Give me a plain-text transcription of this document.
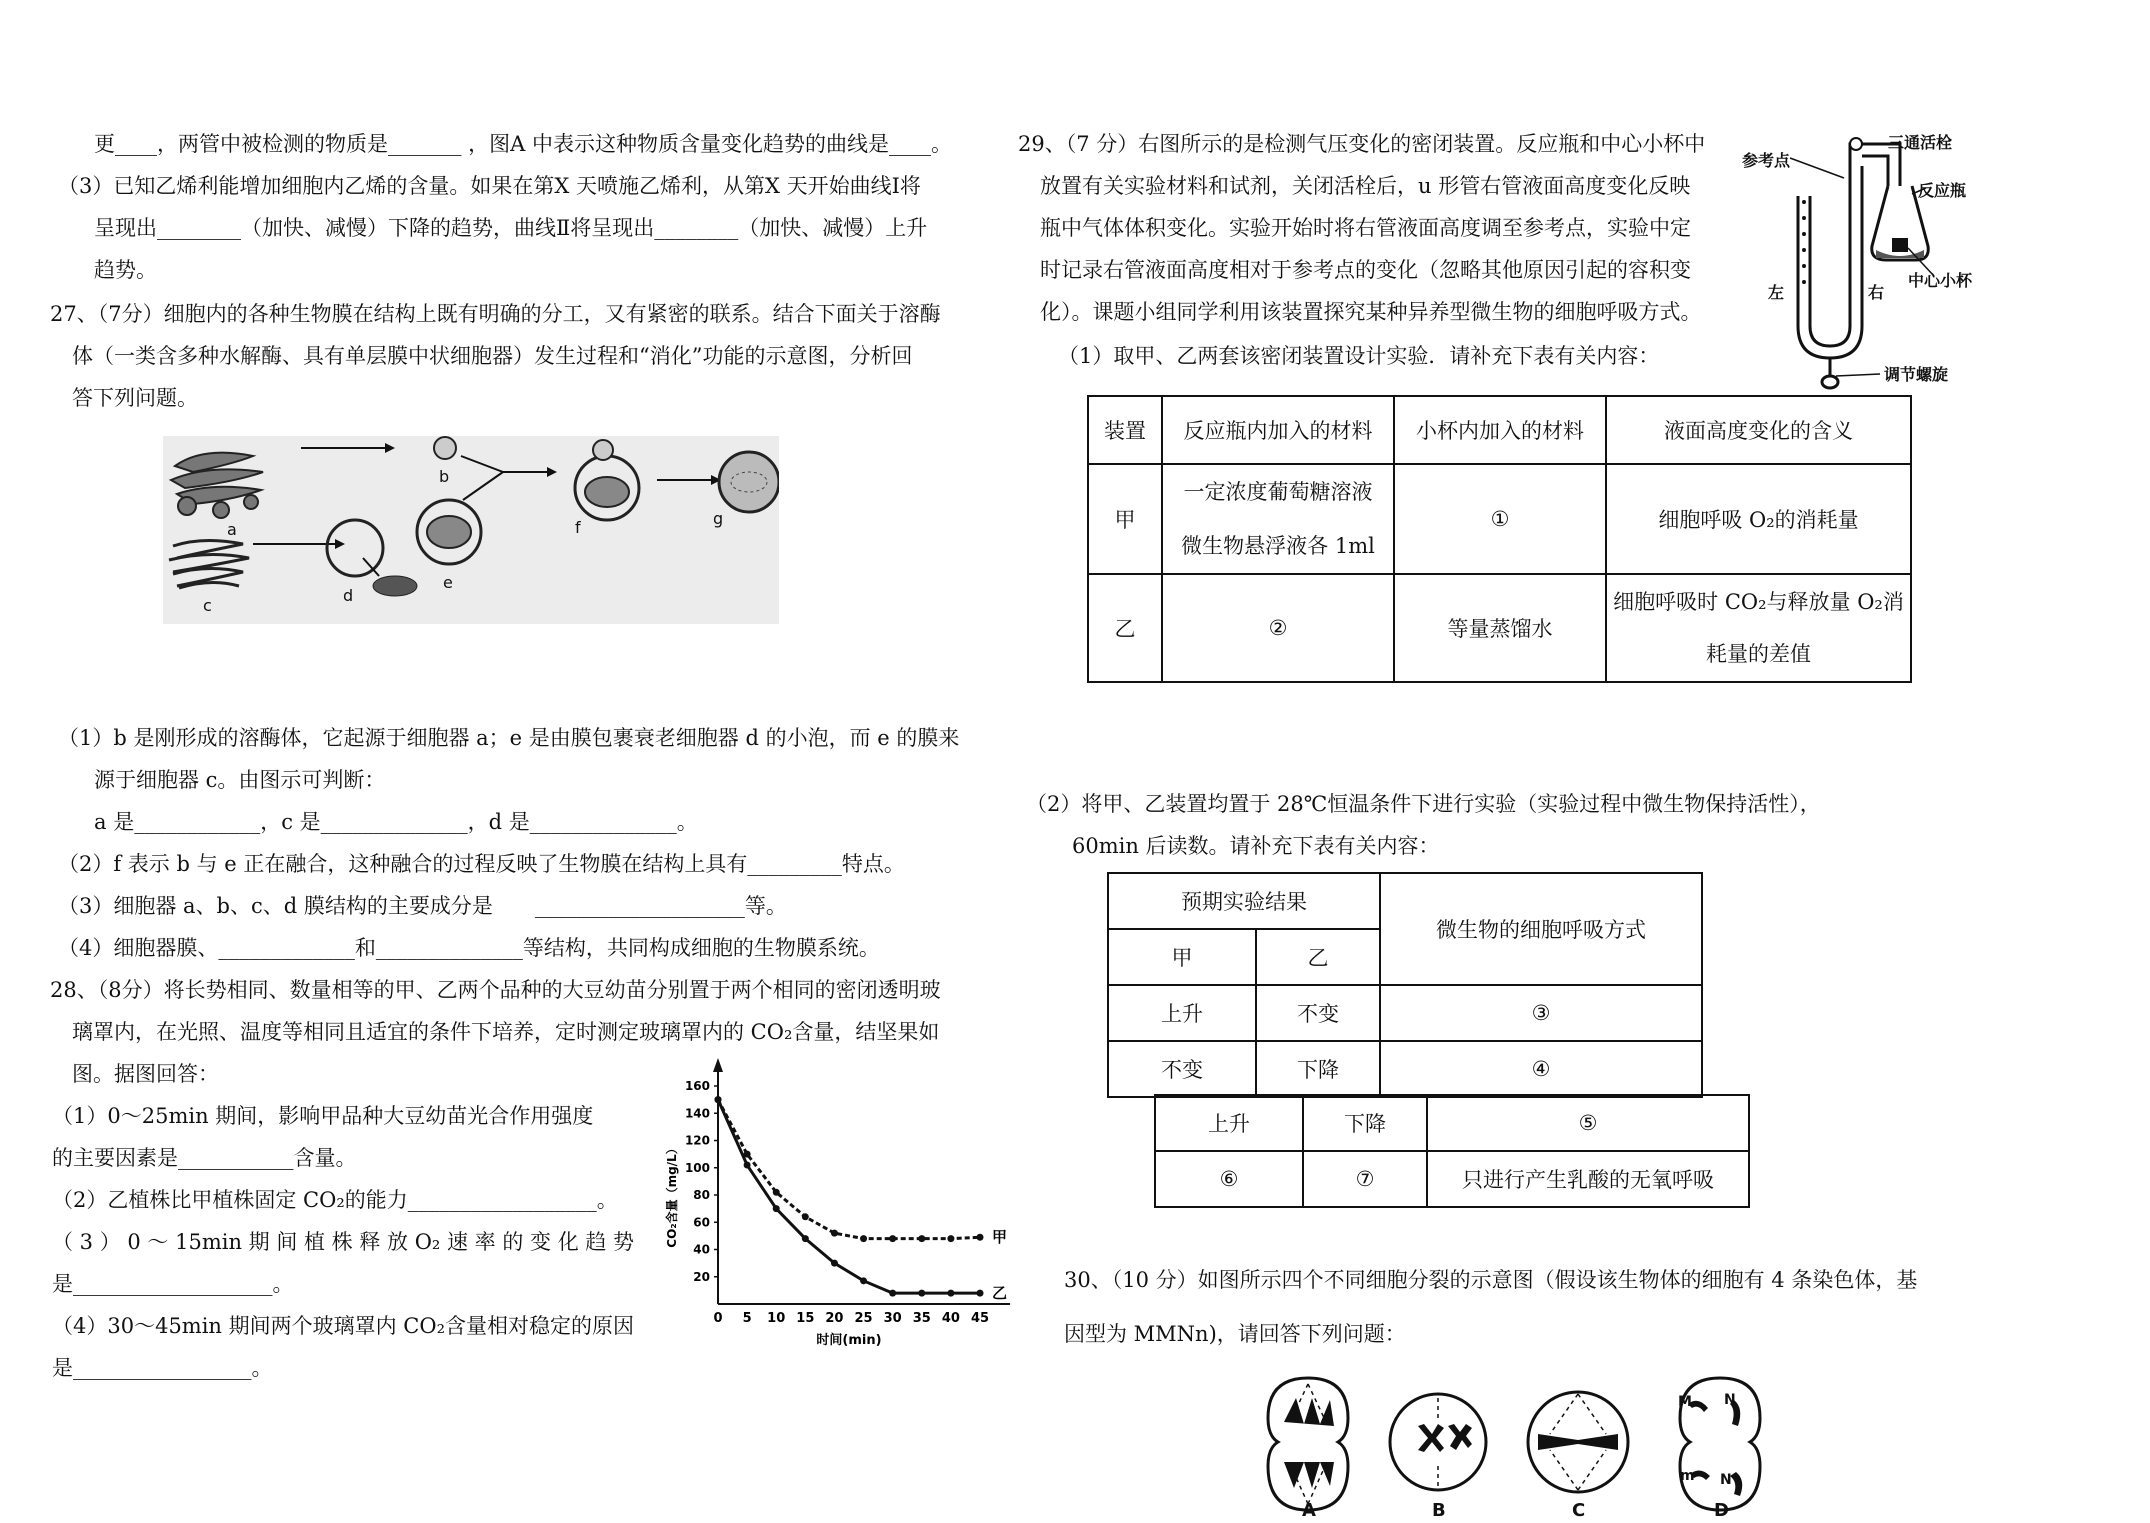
更____，两管中被检测的物质是_______ ，图A 中表示这种物质含量变化趋势的曲线是____。
（3）已知乙烯利能增加细胞内乙烯的含量。如果在第X 天喷施乙烯利，从第X 天开始曲线Ⅰ将
呈现出________（加快、减慢）下降的趋势，曲线Ⅱ将呈现出________（加快、减慢）上升
趋势。
27、（7分）细胞内的各种生物膜在结构上既有明确的分工，又有紧密的联系。结合下面关于溶酶
体（一类含多种水解酶、具有单层膜中状细胞器）发生过程和“消化”功能的示意图，分析回
答下列问题。
a
b
c
d
e
f	g
（1）b 是刚形成的溶酶体，它起源于细胞器 a；e 是由膜包裹衰老细胞器 d 的小泡，而 e 的膜来
源于细胞器 c。由图示可判断：
a 是____________，c 是______________，d 是______________。
（2）f 表示 b 与 e 正在融合，这种融合的过程反映了生物膜在结构上具有_________特点。
（3）细胞器 a、b、c、d 膜结构的主要成分是　　____________________等。
（4）细胞器膜、_____________和______________等结构，共同构成细胞的生物膜系统。
28、（8分）将长势相同、数量相等的甲、乙两个品种的大豆幼苗分别置于两个相同的密闭透明玻
璃罩内，在光照、温度等相同且适宜的条件下培养，定时测定玻璃罩内的 CO₂含量，结坚果如
图。据图回答：
（1）0～25min 期间，影响甲品种大豆幼苗光合作用强度
的主要因素是___________含量。
（2）乙植株比甲植株固定 CO₂的能力__________________。
（ 3 ） 0 ～ 15min 期 间 植 株 释 放 O₂ 速 率 的 变 化 趋 势
是___________________。
（4）30～45min 期间两个玻璃罩内 CO₂含量相对稳定的原因
是_________________。
20
40
60
80
100
120
140
160
0 5 10 15 20 25 30 35 40 45
时间(min)
CO₂含量（mg/L）	甲
乙
29、（7 分）右图所示的是检测气压变化的密闭装置。反应瓶和中心小杯中
放置有关实验材料和试剂，关闭活栓后，u 形管右管液面高度变化反映
瓶中气体体积变化。实验开始时将右管液面高度调至参考点，实验中定
时记录右管液面高度相对于参考点的变化（忽略其他原因引起的容积变
化）。课题小组同学利用该装置探究某种异养型微生物的细胞呼吸方式。
（1）取甲、乙两套该密闭装置设计实验．请补充下表有关内容：
三通活栓
参考点
反应瓶
中心小杯
左	右
调节螺旋
装置	反应瓶内加入的材料	小杯内加入的材料	液面高度变化的含义
甲	一定浓度葡萄糖溶液
微生物悬浮液各 1ml	①	细胞呼吸 O₂的消耗量
乙	②	等量蒸馏水	细胞呼吸时 CO₂与释放量 O₂消
耗量的差值
（2）将甲、乙装置均置于 28℃恒温条件下进行实验（实验过程中微生物保持活性），
60min 后读数。请补充下表有关内容：
预期实验结果		微生物的细胞呼吸方式
甲	乙	
上升	不变	③
不变	下降	④
上升	下降	⑤
⑥	⑦	只进行产生乳酸的无氧呼吸
30、（10 分）如图所示四个不同细胞分裂的示意图（假设该生物体的细胞有 4 条染色体，基
因型为 MMNn)，请回答下列问题：
M N
m N
A	B	C	D
